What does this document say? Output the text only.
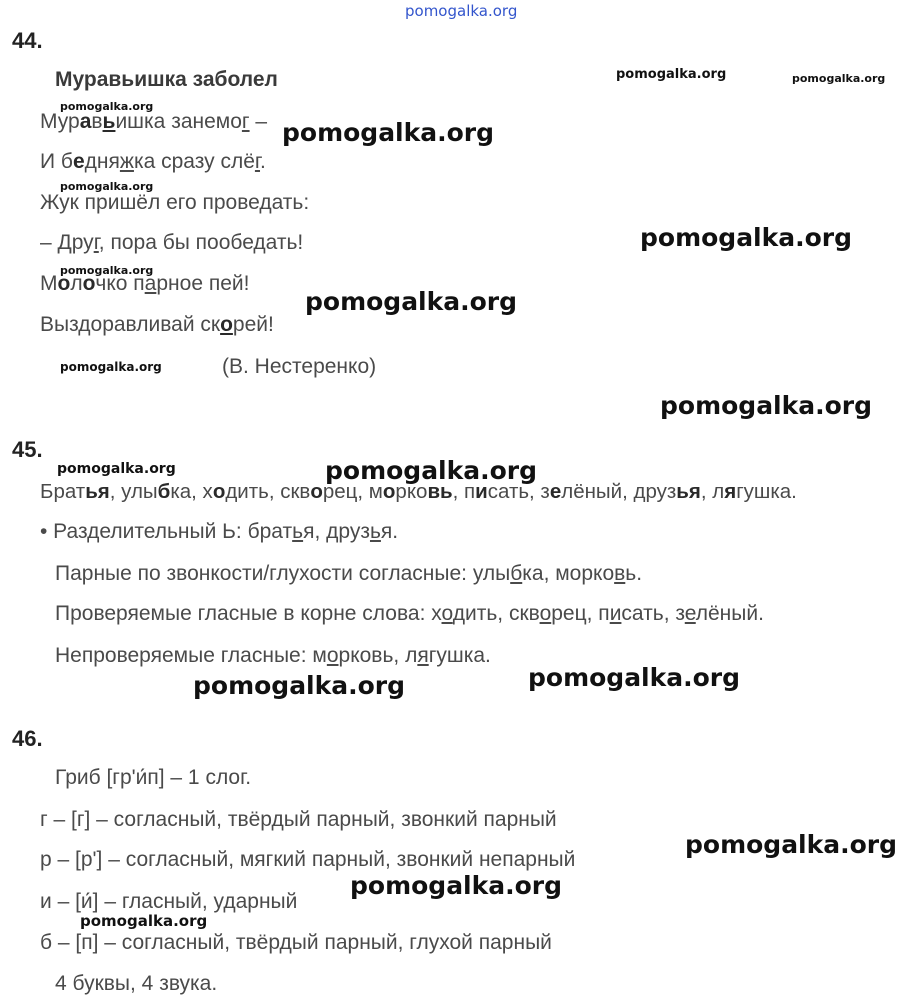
pomogalka.org
44.
Муравьишка заболел
Муравьишка занемог –
И бедняжка сразу слёг.
Жук пришёл его проведать:
– Друг, пора бы пообедать!
Молочко парное пей!
Выздоравливай скорей!
(В. Нестеренко)
45.
Братья, улыбка, ходить, скворец, морковь, писать, зелёный, друзья, лягушка.
• Разделительный Ь: братья, друзья.
Парные по звонкости/глухости согласные: улыбка, морковь.
Проверяемые гласные в корне слова: ходить, скворец, писать, зелёный.
Непроверяемые гласные: морковь, лягушка.
46.
Гриб [гр'и́п] – 1 слог.
г – [г] – согласный, твёрдый парный, звонкий парный
р – [р'] – согласный, мягкий парный, звонкий непарный
и – [и́] – гласный, ударный
б – [п] – согласный, твёрдый парный, глухой парный
4 буквы, 4 звука.
pomogalka.org	pomogalka.org
pomogalka.org
pomogalka.org
pomogalka.org
pomogalka.org
pomogalka.org
pomogalka.org
pomogalka.org
pomogalka.org
pomogalka.org	pomogalka.org
pomogalka.org	pomogalka.org
pomogalka.org
pomogalka.org
pomogalka.org
